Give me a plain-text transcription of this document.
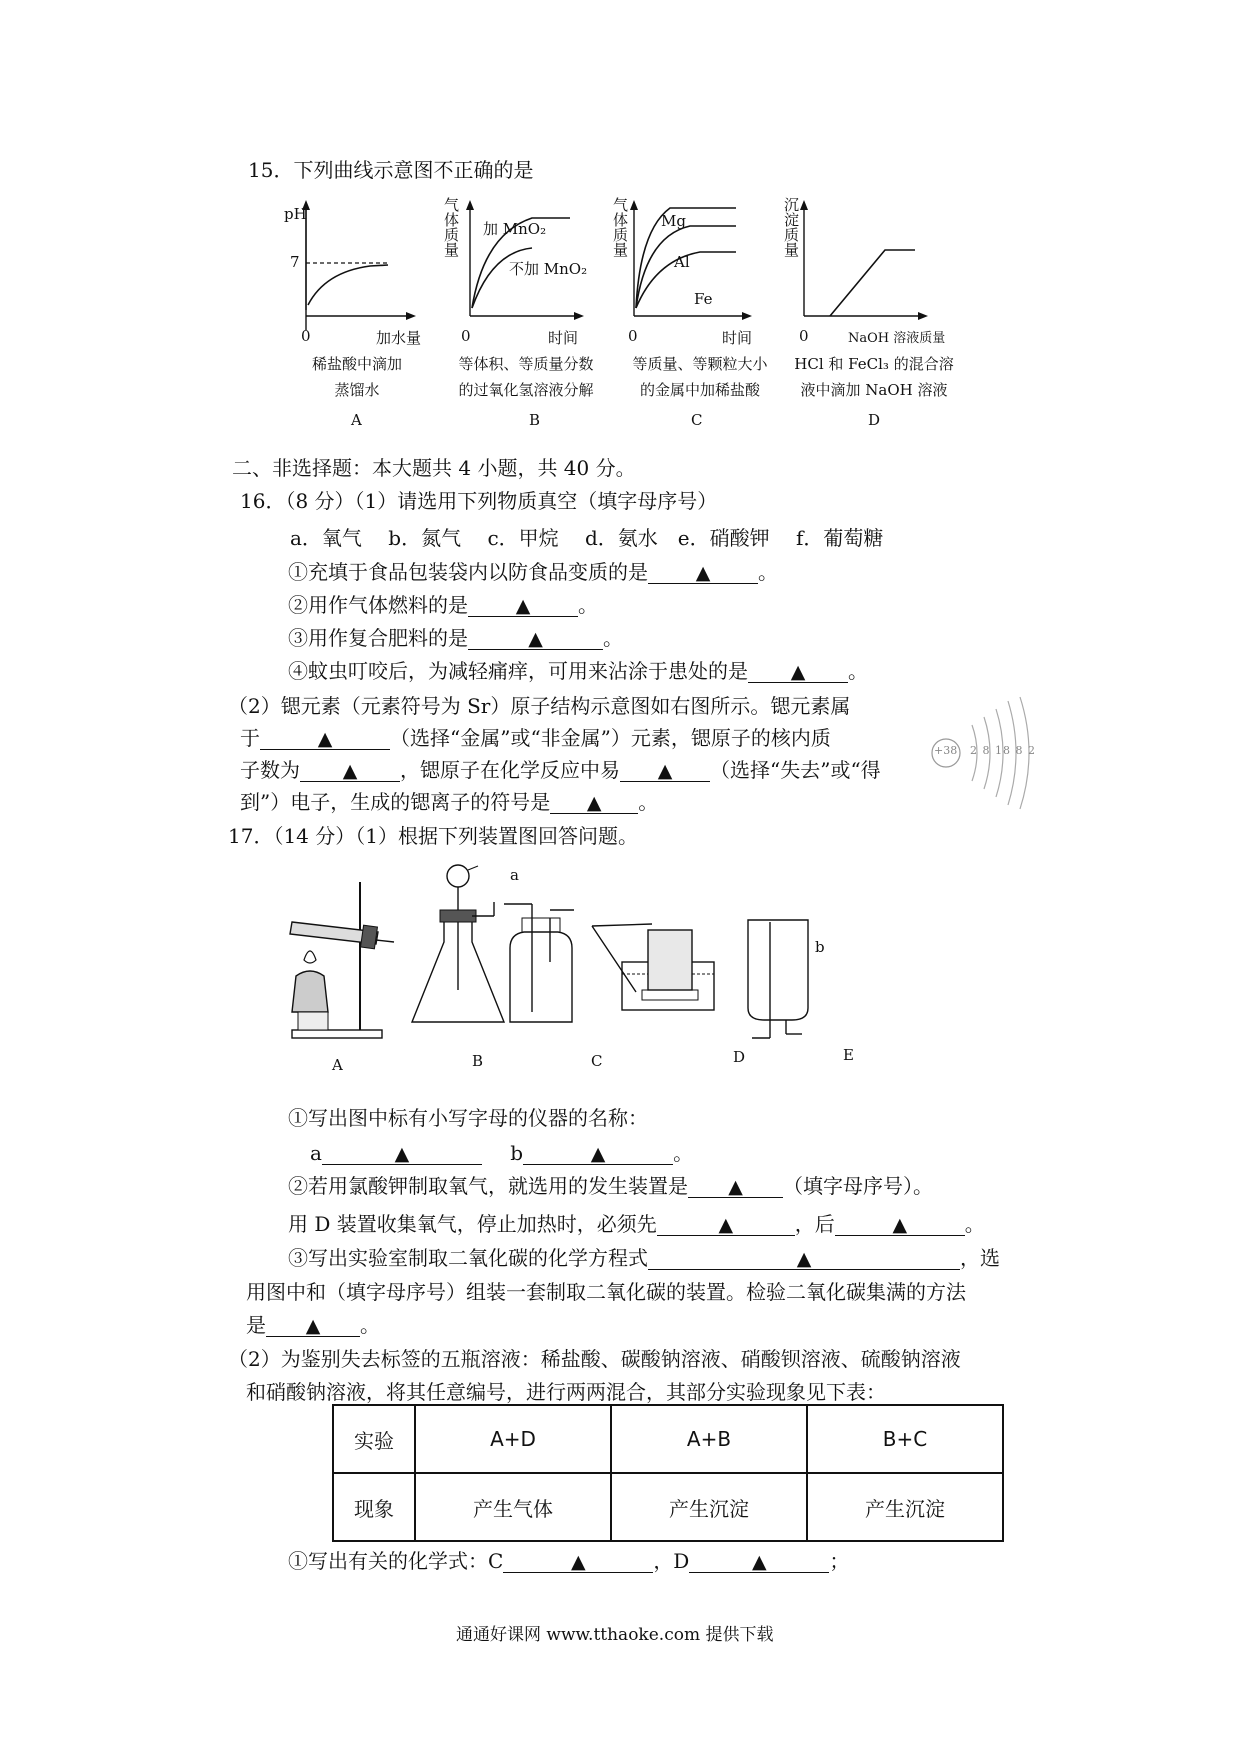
15．下列曲线示意图不正确的是
pH
7
0	加水量
气体质量
加 MnO₂
不加 MnO₂
0	时间
气体质量
Mg
Al
Fe
0	时间
沉淀质量
0	NaOH 溶液质量
稀盐酸中滴加
蒸馏水
等体积、等质量分数
的过氧化氢溶液分解
等质量、等颗粒大小
的金属中加稀盐酸
HCl 和 FeCl₃ 的混合溶
液中滴加 NaOH 溶液
A	B	C	D
二、非选择题：本大题共 4 小题，共 40 分。
16．（8 分）（1）请选用下列物质真空（填字母序号）
a．氧气　 b．氮气　 c．甲烷　 d．氨水　e．硝酸钾　 f．葡萄糖
①充填于食品包装袋内以防食品变质的是	▲ 。
②用作气体燃料的是	▲ 。
③用作复合肥料的是	▲	。
④蚊虫叮咬后，为减轻痛痒，可用来沾涂于患处的是 ▲ 。
（2）锶元素（元素符号为 Sr）原子结构示意图如右图所示。锶元素属
于	▲	（选择“金属”或“非金属”）元素，锶原子的核内质
子数为 ▲ ，锶原子在化学反应中易 ▲ （选择“失去”或“得
到”）电子，生成的锶离子的符号是 ▲ 。
+38 2 8 18 8 2
17．（14 分）（1）根据下列装置图回答问题。
a
b
A	B	C	D	E
①写出图中标有小写字母的仪器的名称：
a	▲	b	▲	。
②若用氯酸钾制取氧气，就选用的发生装置是 ▲ （填字母序号）。
用 D 装置收集氧气，停止加热时，必须先	▲	，后	▲	。
③写出实验室制取二氧化碳的化学方程式	▲	，选
用图中和（填字母序号）组装一套制取二氧化碳的装置。检验二氧化碳集满的方法
是 ▲ 。
（2）为鉴别失去标签的五瓶溶液：稀盐酸、碳酸钠溶液、硝酸钡溶液、硫酸钠溶液
和硝酸钠溶液，将其任意编号，进行两两混合，其部分实验现象见下表：
实验	A+D	A+B	B+C
现象	产生气体	产生沉淀	产生沉淀
①写出有关的化学式：C	▲	，D	▲	；
通通好课网 www.tthaoke.com 提供下载
